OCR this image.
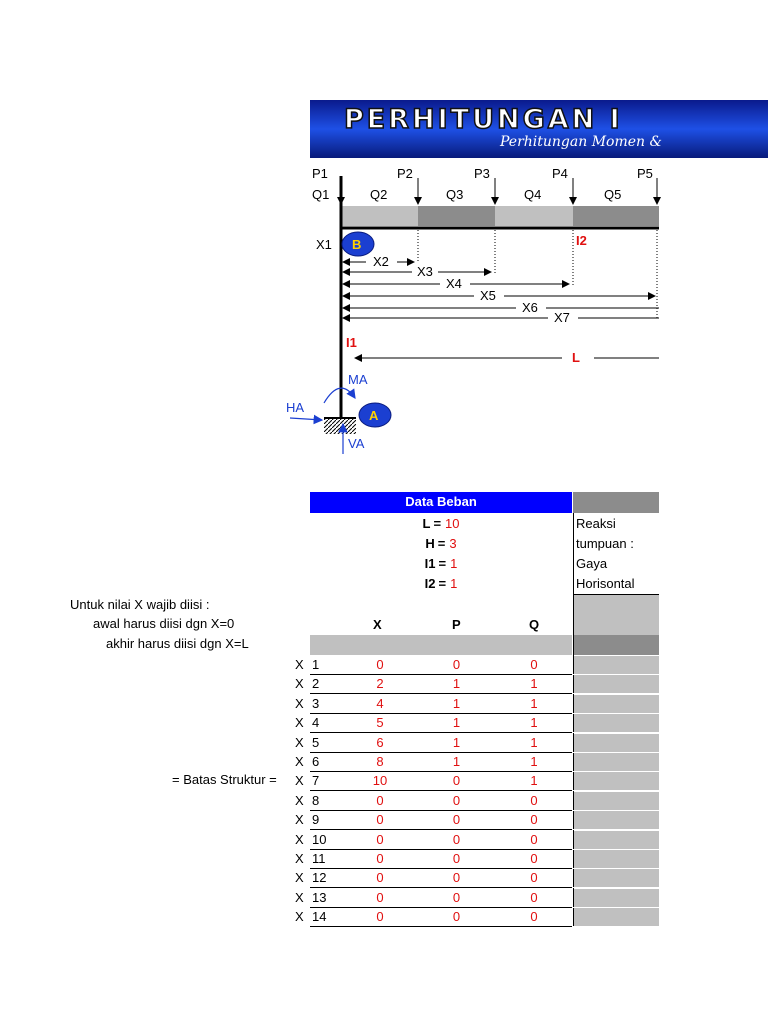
PERHITUNGAN I
Perhitungan Momen &
P1	P2	P3	P4	P5
Q1	Q2	Q3	Q4	Q5
X1
X2
X3
X4
X5
X6
X7
B	I2
I1
L
MA
HA
VA
A
Data Beban
L = 10
H = 3
I1 = 1
I2 = 1
Reaksi
tumpuan :
Gaya
Horisontal
Untuk nilai X wajib diisi :
awal harus diisi dgn X=0
akhir harus diisi dgn X=L
X	P	Q
= Batas Struktur =
X 1	0	0	0
X 2	2	1	1
X 3	4	1	1
X 4	5	1	1
X 5	6	1	1
X 6	8	1	1
X 7	10	0	1
X 8	0	0	0
X 9	0	0	0
X 10	0	0	0
X 11	0	0	0
X 12	0	0	0
X 13	0	0	0
X 14	0	0	0
